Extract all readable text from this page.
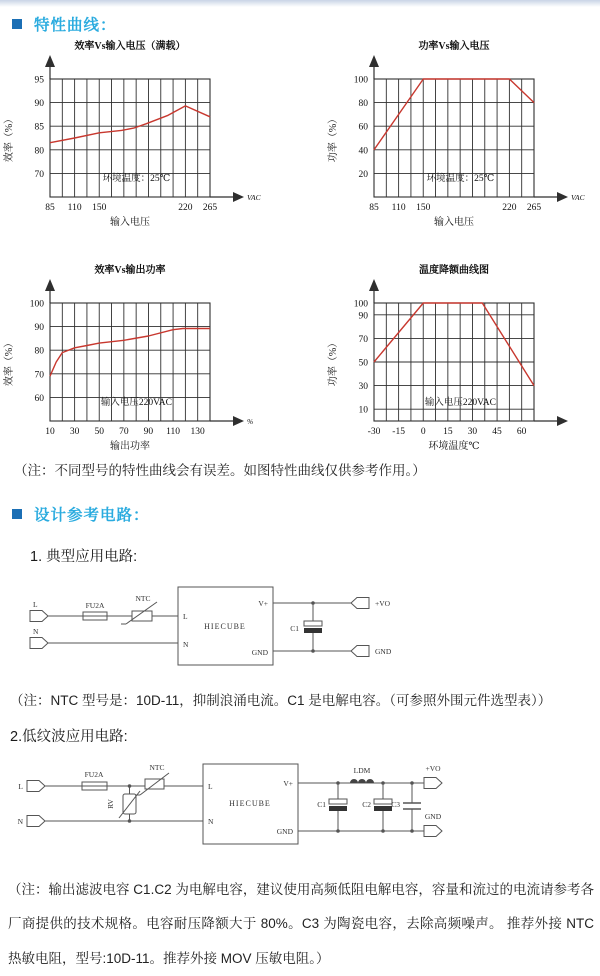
特性曲线：
95
90
85
80
70
VAC
85 110 150	220 265
效率Vs输入电压（满载）
输入电压
效率（%）
环境温度：25℃
100
80
60
40
20
VAC
85 110 150	220 265
功率Vs输入电压
输入电压
功率（%）
环境温度：25℃
100
90
80
70
60
%
10 30 50 70 90 110 130
效率Vs输出功率
输出功率
效率（%）
输入电压220VAC
100
90
70
50
30
10
-30 -15 0 15 30 45 60
温度降额曲线图
环境温度℃
功率（%）
输入电压220VAC

（注：不同型号的特性曲线会有误差。如图特性曲线仅供参考作用。）

设计参考电路：

1. 典型应用电路:

L
N
FU2A
NTC
HIECUBE
L
N
V+
GND
C1
+VO
GND

（注：NTC 型号是：10D-11，抑制浪涌电流。C1 是电解电容。（可参照外围元件选型表））

2.低纹波应用电路:

L
N
FU2A
RV
NTC
HIECUBE
L
N
V+
GND
C1	C2	C3
LDM	+VO
GND

（注：输出滤波电容 C1.C2 为电解电容，建议使用高频低阻电解电容，容量和流过的电流请参考各厂商提供的技术规格。电容耐压降额大于 80%。C3 为陶瓷电容，去除高频噪声。 推荐外接 NTC 热敏电阻，型号:10D-11。推荐外接 MOV 压敏电阻。）
